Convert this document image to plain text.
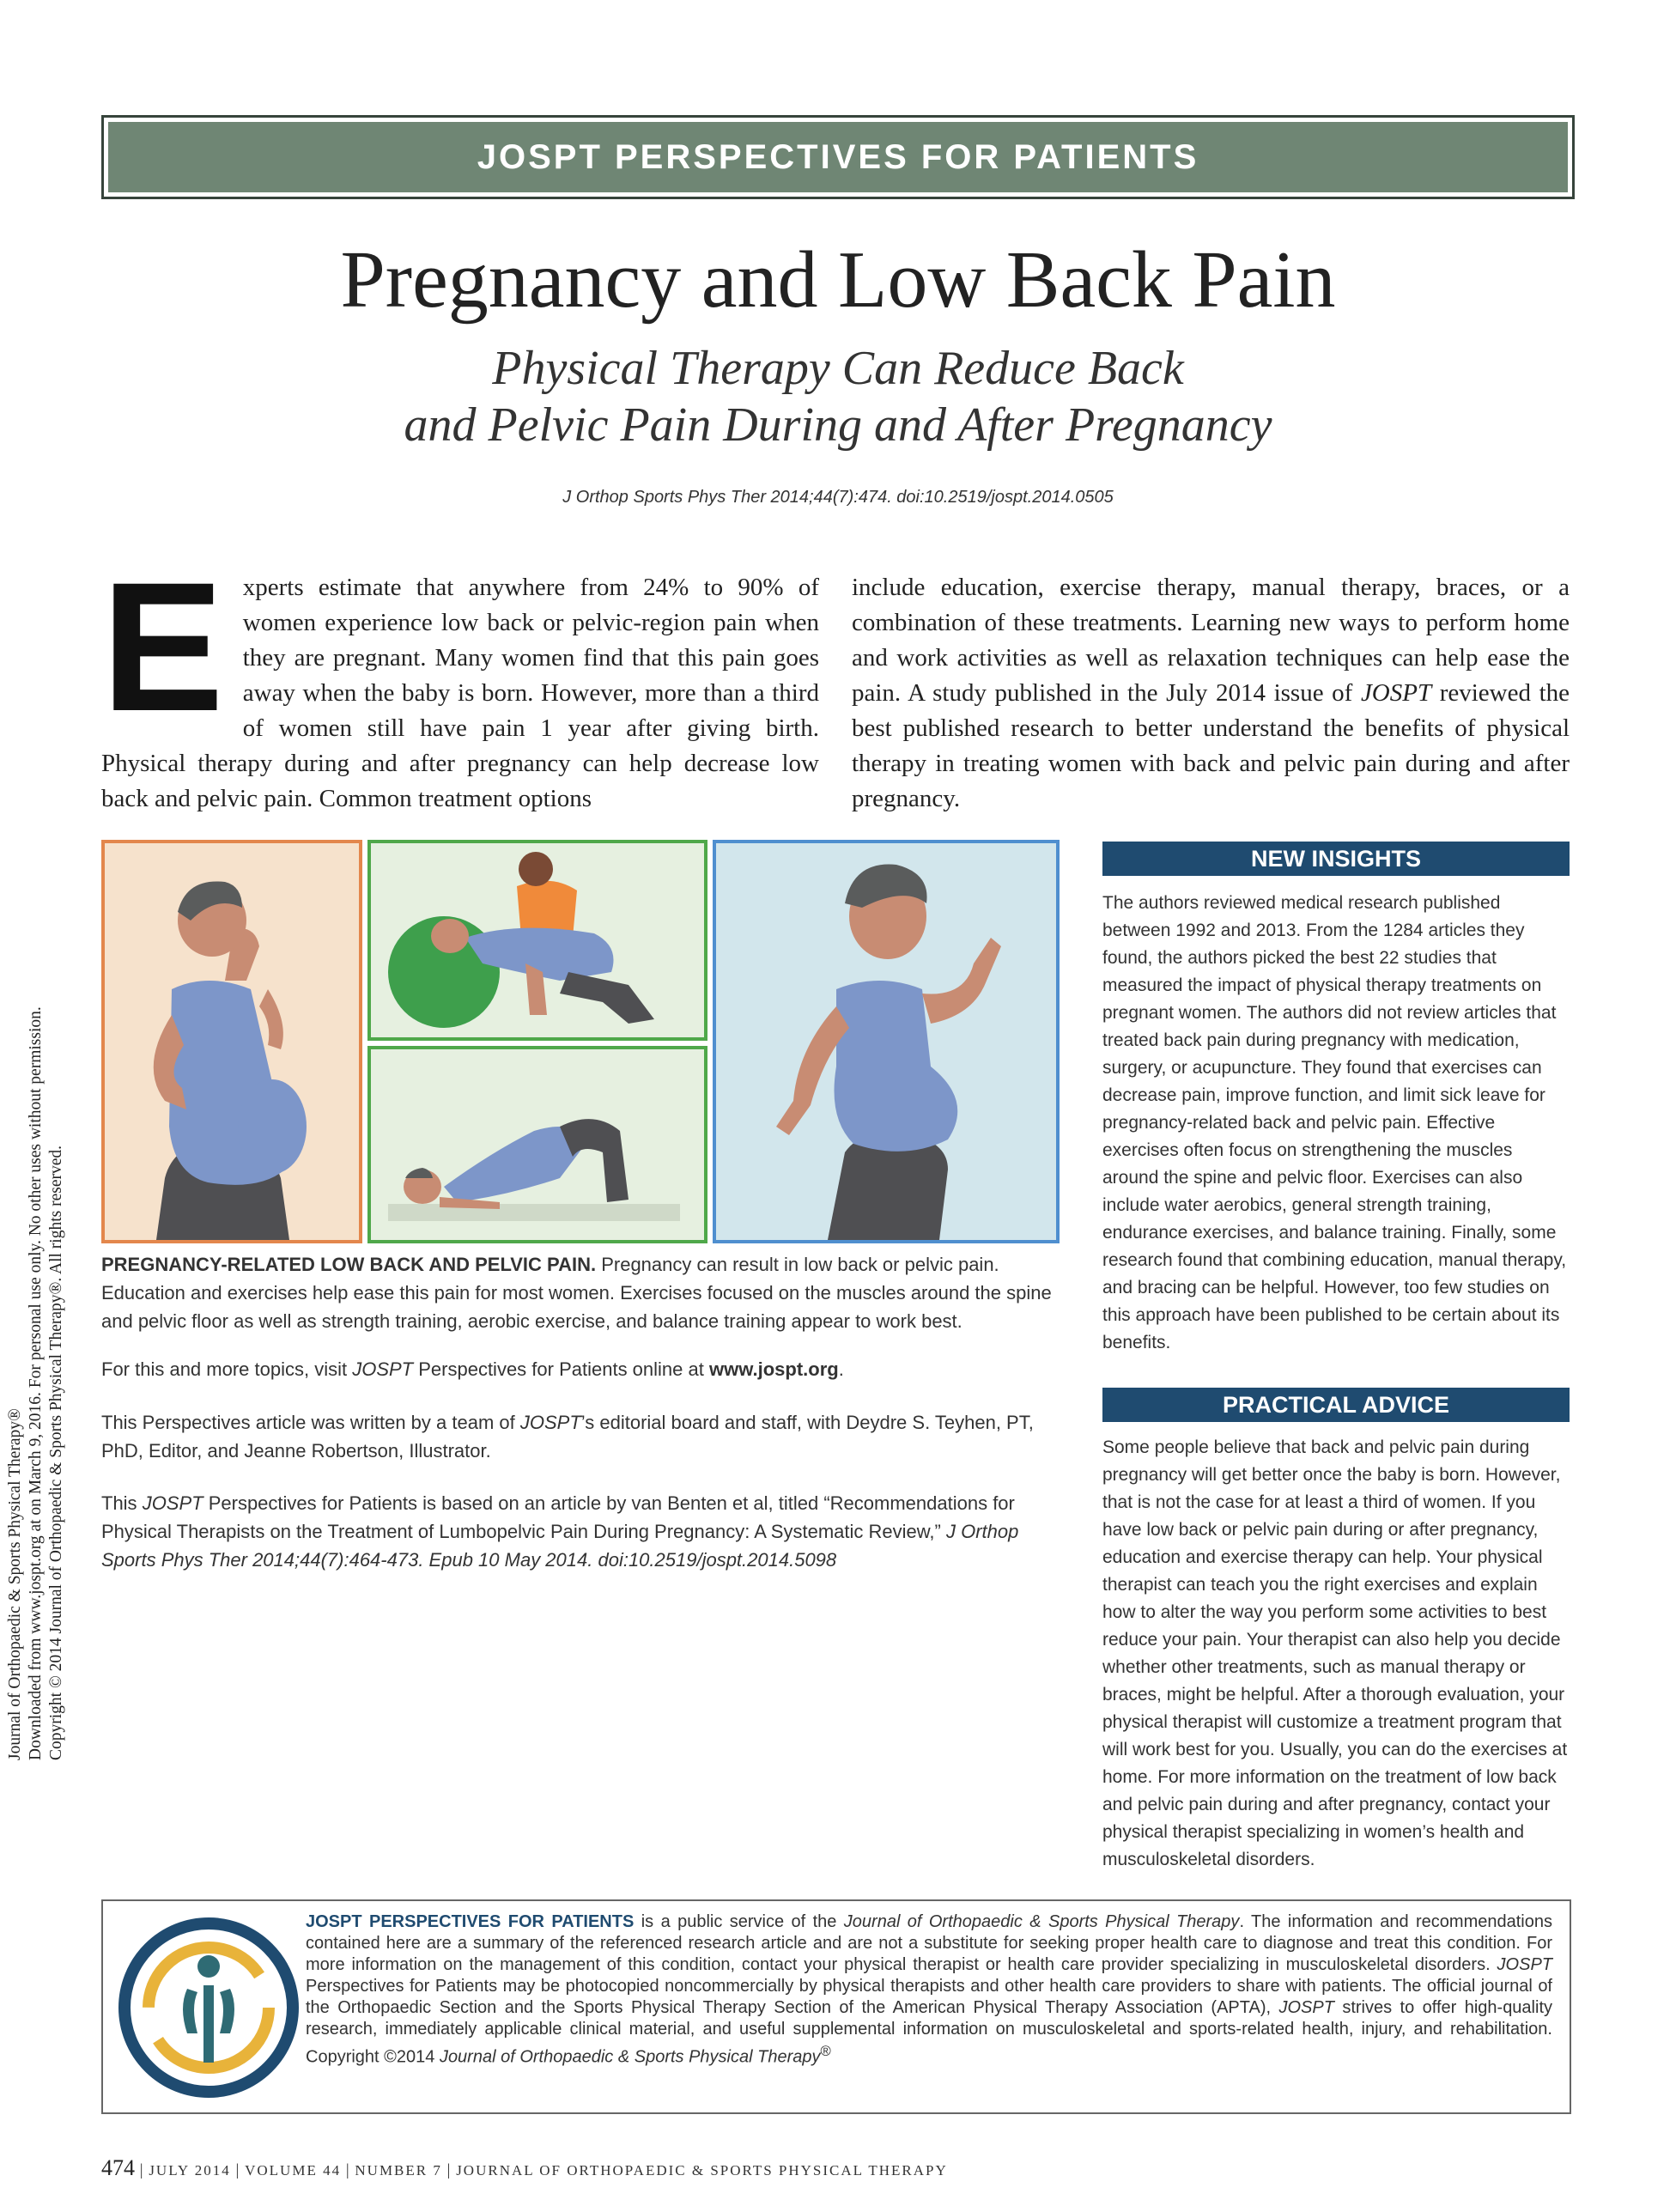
JOSPT PERSPECTIVES FOR PATIENTS
Pregnancy and Low Back Pain
Physical Therapy Can Reduce Back
and Pelvic Pain During and After Pregnancy
J Orthop Sports Phys Ther 2014;44(7):474. doi:10.2519/jospt.2014.0505
Experts estimate that anywhere from 24% to 90% of women experience low back or pelvic-region pain when they are pregnant. Many women find that this pain goes away when the baby is born. However, more than a third of women still have pain 1 year after giving birth. Physical therapy during and after pregnancy can help decrease low back and pelvic pain. Common treatment options
include education, exercise therapy, manual therapy, braces, or a combination of these treatments. Learning new ways to perform home and work activities as well as relaxation techniques can help ease the pain. A study published in the July 2014 issue of JOSPT reviewed the best published research to better understand the benefits of physical therapy in treating women with back and pelvic pain during and after pregnancy.
PREGNANCY-RELATED LOW BACK AND PELVIC PAIN. Pregnancy can result in low back or pelvic pain. Education and exercises help ease this pain for most women. Exercises focused on the muscles around the spine and pelvic floor as well as strength training, aerobic exercise, and balance training appear to work best.
For this and more topics, visit JOSPT Perspectives for Patients online at www.jospt.org.
This Perspectives article was written by a team of JOSPT’s editorial board and staff, with Deydre S. Teyhen, PT, PhD, Editor, and Jeanne Robertson, Illustrator.
This JOSPT Perspectives for Patients is based on an article by van Benten et al, titled “Recommendations for Physical Therapists on the Treatment of Lumbopelvic Pain During Pregnancy: A Systematic Review,” J Orthop Sports Phys Ther 2014;44(7):464-473. Epub 10 May 2014. doi:10.2519/jospt.2014.5098
NEW INSIGHTS
The authors reviewed medical research published between 1992 and 2013. From the 1284 articles they found, the authors picked the best 22 studies that measured the impact of physical therapy treatments on pregnant women. The authors did not review articles that treated back pain during pregnancy with medication, surgery, or acupuncture. They found that exercises can decrease pain, improve function, and limit sick leave for pregnancy-related back and pelvic pain. Effective exercises often focus on strengthening the muscles around the spine and pelvic floor. Exercises can also include water aerobics, general strength training, endurance exercises, and balance training. Finally, some research found that combining education, manual therapy, and bracing can be helpful. However, too few studies on this approach have been published to be certain about its benefits.
PRACTICAL ADVICE
Some people believe that back and pelvic pain during pregnancy will get better once the baby is born. However, that is not the case for at least a third of women. If you have low back or pelvic pain during or after pregnancy, education and exercise therapy can help. Your physical therapist can teach you the right exercises and explain how to alter the way you perform some activities to best reduce your pain. Your therapist can also help you decide whether other treatments, such as manual therapy or braces, might be helpful. After a thorough evaluation, your physical therapist will customize a treatment program that will work best for you. Usually, you can do the exercises at home. For more information on the treatment of low back and pelvic pain during and after pregnancy, contact your physical therapist specializing in women’s health and musculoskeletal disorders.
JOSPT PERSPECTIVES FOR PATIENTS is a public service of the Journal of Orthopaedic & Sports Physical Therapy. The information and recommendations contained here are a summary of the referenced research article and are not a substitute for seeking proper health care to diagnose and treat this condition. For more information on the management of this condition, contact your physical therapist or health care provider specializing in musculoskeletal disorders. JOSPT Perspectives for Patients may be photocopied noncommercially by physical therapists and other health care providers to share with patients. The official journal of the Orthopaedic Section and the Sports Physical Therapy Section of the American Physical Therapy Association (APTA), JOSPT strives to offer high-quality research, immediately applicable clinical material, and useful supplemental information on musculoskeletal and sports-related health, injury, and rehabilitation. Copyright ©2014 Journal of Orthopaedic & Sports Physical Therapy®
474 | JULY 2014 | VOLUME 44 | NUMBER 7 | JOURNAL OF ORTHOPAEDIC & SPORTS PHYSICAL THERAPY
Journal of Orthopaedic & Sports Physical Therapy® Downloaded from www.jospt.org at on March 9, 2016. For personal use only. No other uses without permission. Copyright © 2014 Journal of Orthopaedic & Sports Physical Therapy®. All rights reserved.
